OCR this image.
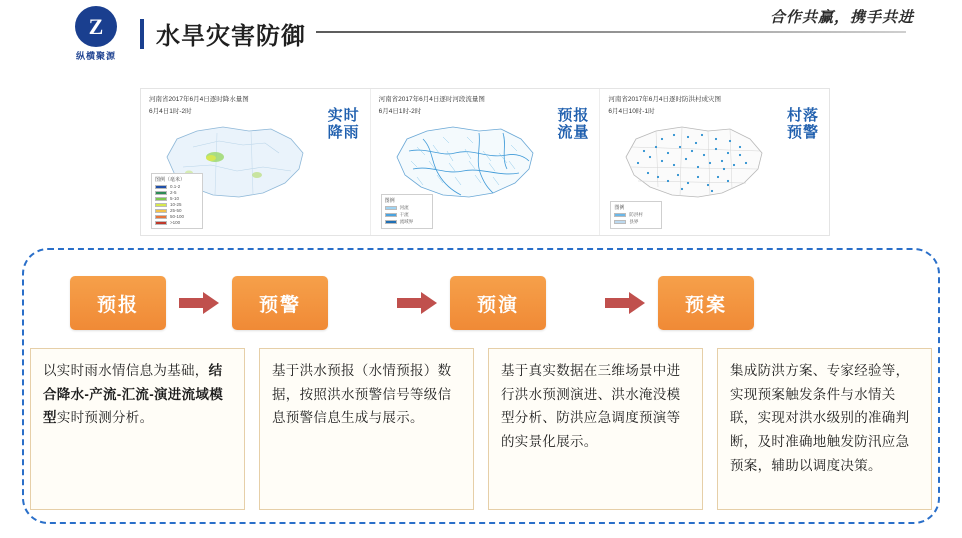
Z
纵横聚源
水旱灾害防御
合作共赢，携手共进
河南省2017年6月4日逐时降水量图
6月4日1时-2时	实时
降雨
图例（毫米）
0.1-2
2-5
5-10
10-25
25-50
50-100
>100
河南省2017年6月4日逐时河段流量图
6月4日1时-2时	预报
流量
图例
河流
干流
流域界
河南省2017年6月4日逐时防洪村成灾图
6月4日10时-1时	村落
预警
图例
防洪村
县界
预报	预警	预演	预案
以实时雨水情信息为基础，结合降水-产流-汇流-演进流域模型实时预测分析。
基于洪水预报（水情预报）数据，按照洪水预警信号等级信息预警信息生成与展示。
基于真实数据在三维场景中进行洪水预测演进、洪水淹没模型分析、防洪应急调度预演等的实景化展示。
集成防洪方案、专家经验等，实现预案触发条件与水情关联，实现对洪水级别的准确判断，及时准确地触发防汛应急预案，辅助以调度决策。
